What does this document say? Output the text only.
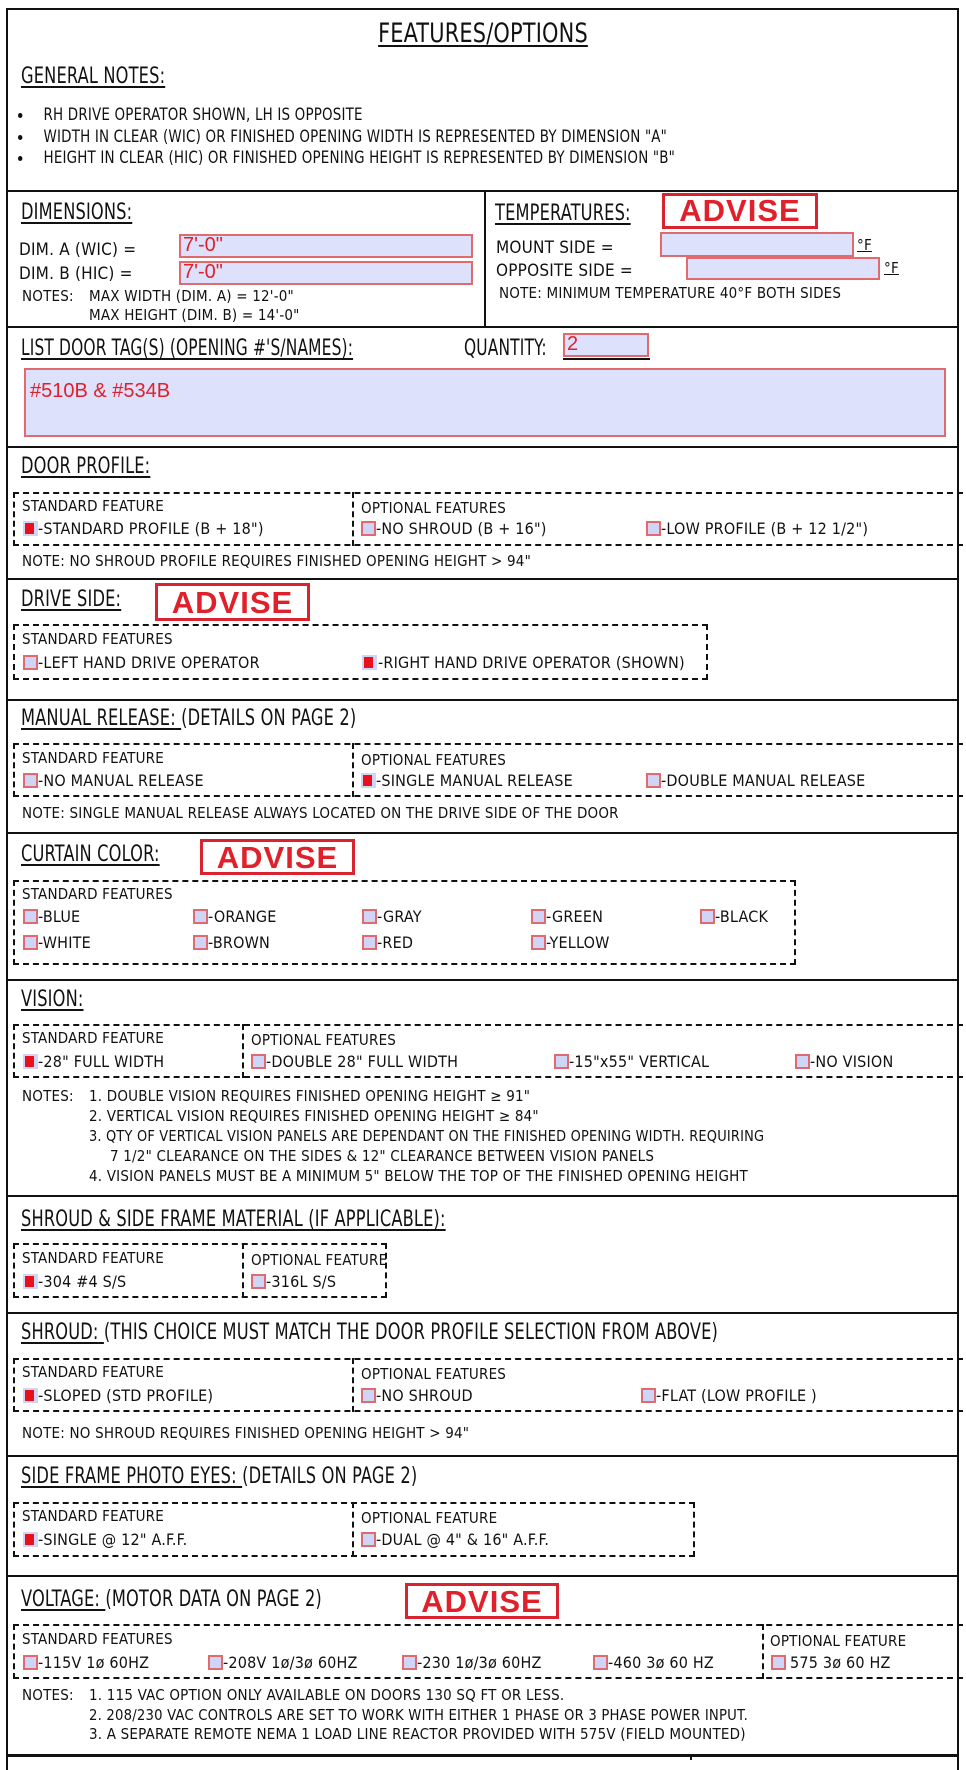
FEATURES/OPTIONS
GENERAL NOTES:
RH DRIVE OPERATOR SHOWN, LH IS OPPOSITE
WIDTH IN CLEAR (WIC) OR FINISHED OPENING WIDTH IS REPRESENTED BY DIMENSION "A"
HEIGHT IN CLEAR (HIC) OR FINISHED OPENING HEIGHT IS REPRESENTED BY DIMENSION "B"
DIMENSIONS:
DIM. A (WIC) = 7'-0"
DIM. B (HIC) =	7'-0"
NOTES: MAX WIDTH (DIM. A) = 12'-0"
MAX HEIGHT (DIM. B) = 14'-0"
TEMPERATURES:	ADVISE
MOUNT SIDE =	°F
OPPOSITE SIDE =	°F
NOTE: MINIMUM TEMPERATURE 40°F BOTH SIDES
LIST DOOR TAG(S) (OPENING #'S/NAMES):	QUANTITY: 2
#510B & #534B
DOOR PROFILE:
STANDARD FEATURE	OPTIONAL FEATURES
-STANDARD PROFILE (B + 18")	-NO SHROUD (B + 16")	-LOW PROFILE (B + 12 1/2")
NOTE: NO SHROUD PROFILE REQUIRES FINISHED OPENING HEIGHT > 94"
DRIVE SIDE:	ADVISE
STANDARD FEATURES
-LEFT HAND DRIVE OPERATOR	-RIGHT HAND DRIVE OPERATOR (SHOWN)
MANUAL RELEASE: (DETAILS ON PAGE 2)
STANDARD FEATURE	OPTIONAL FEATURES
-NO MANUAL RELEASE	-SINGLE MANUAL RELEASE	-DOUBLE MANUAL RELEASE
NOTE: SINGLE MANUAL RELEASE ALWAYS LOCATED ON THE DRIVE SIDE OF THE DOOR
CURTAIN COLOR:	ADVISE
STANDARD FEATURES
-BLUE	-ORANGE	-GRAY	-GREEN	-BLACK
-WHITE	-BROWN	-RED	-YELLOW
VISION:
STANDARD FEATURE	OPTIONAL FEATURES
-28" FULL WIDTH	-DOUBLE 28" FULL WIDTH	-15"x55" VERTICAL	-NO VISION
NOTES: 1. DOUBLE VISION REQUIRES FINISHED OPENING HEIGHT ≥ 91"
2. VERTICAL VISION REQUIRES FINISHED OPENING HEIGHT ≥ 84"
3. QTY OF VERTICAL VISION PANELS ARE DEPENDANT ON THE FINISHED OPENING WIDTH. REQUIRING
7 1/2" CLEARANCE ON THE SIDES & 12" CLEARANCE BETWEEN VISION PANELS
4. VISION PANELS MUST BE A MINIMUM 5" BELOW THE TOP OF THE FINISHED OPENING HEIGHT
SHROUD & SIDE FRAME MATERIAL (IF APPLICABLE):
STANDARD FEATURE	OPTIONAL FEATURE
-304 #4 S/S	-316L S/S
SHROUD: (THIS CHOICE MUST MATCH THE DOOR PROFILE SELECTION FROM ABOVE)
STANDARD FEATURE	OPTIONAL FEATURES
-SLOPED (STD PROFILE)	-NO SHROUD	-FLAT (LOW PROFILE )
NOTE: NO SHROUD REQUIRES FINISHED OPENING HEIGHT > 94"
SIDE FRAME PHOTO EYES: (DETAILS ON PAGE 2)
STANDARD FEATURE	OPTIONAL FEATURE
-SINGLE @ 12" A.F.F.	-DUAL @ 4" & 16" A.F.F.
VOLTAGE: (MOTOR DATA ON PAGE 2)	ADVISE
STANDARD FEATURES	OPTIONAL FEATURE
-115V 1ø 60HZ	-208V 1ø/3ø 60HZ	-230 1ø/3ø 60HZ	-460 3ø 60 HZ	575 3ø 60 HZ
NOTES: 1. 115 VAC OPTION ONLY AVAILABLE ON DOORS 130 SQ FT OR LESS.
2. 208/230 VAC CONTROLS ARE SET TO WORK WITH EITHER 1 PHASE OR 3 PHASE POWER INPUT.
3. A SEPARATE REMOTE NEMA 1 LOAD LINE REACTOR PROVIDED WITH 575V (FIELD MOUNTED)
